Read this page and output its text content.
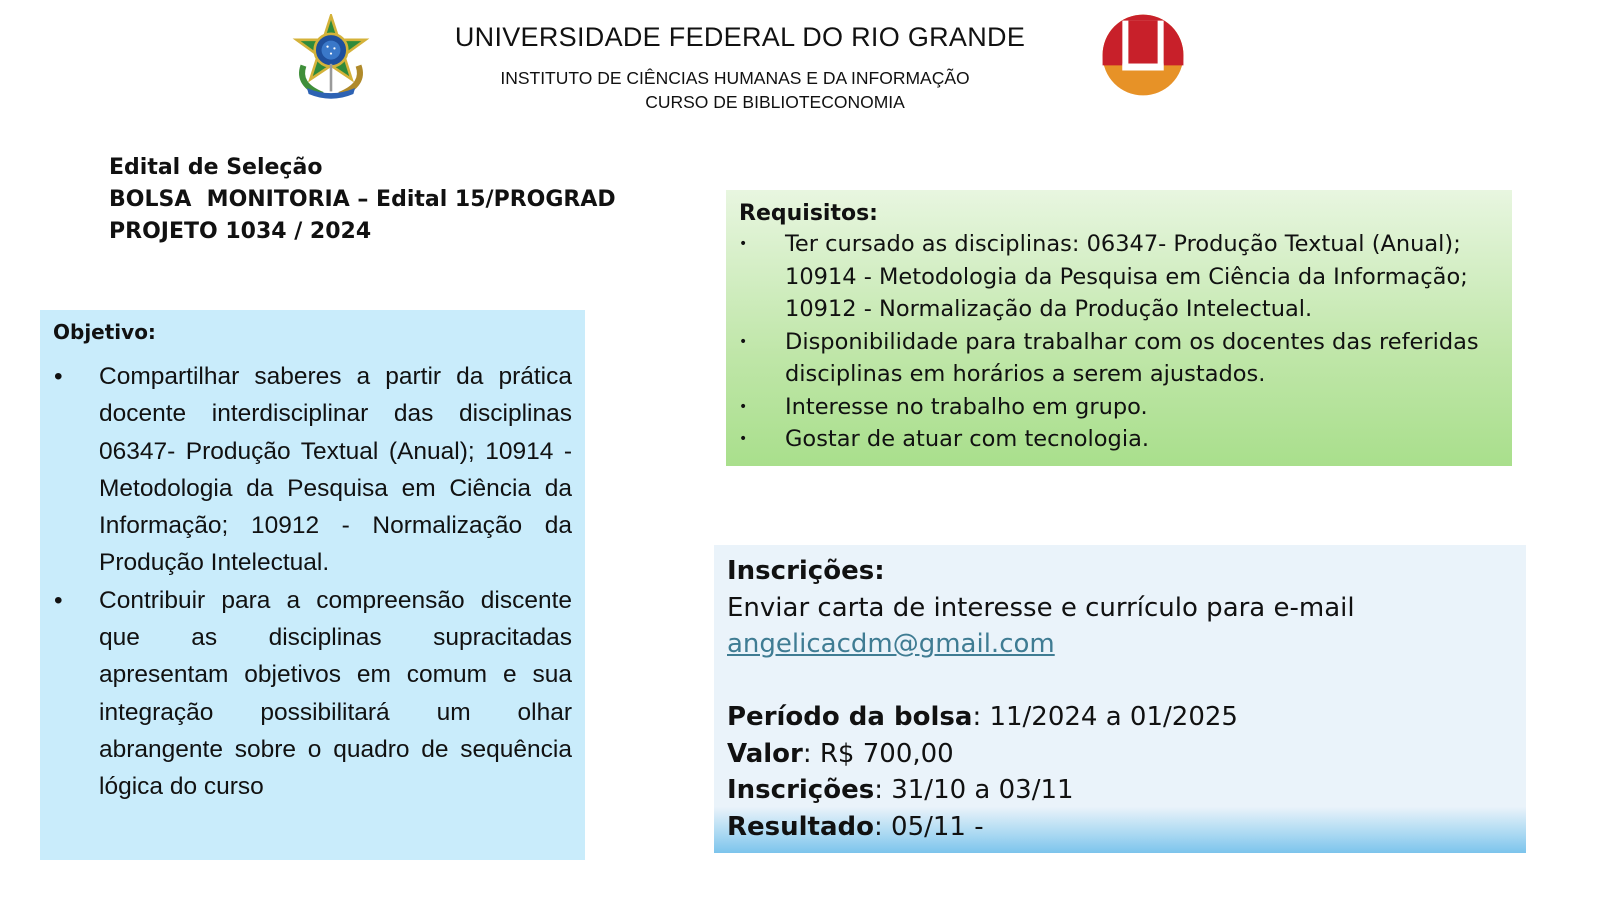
UNIVERSIDADE FEDERAL DO RIO GRANDE
INSTITUTO DE CIÊNCIAS HUMANAS E DA INFORMAÇÃO
CURSO DE BIBLIOTECONOMIA
Edital de Seleção
BOLSA  MONITORIA – Edital 15/PROGRAD
PROJETO 1034 / 2024
Objetivo:
• Compartilhar saberes a partir da prática docente interdisciplinar das disciplinas 06347- Produção Textual (Anual); 10914 - Metodologia da Pesquisa em Ciência da Informação; 10912 - Normalização da Produção Intelectual.
• Contribuir para a compreensão discente que as disciplinas supracitadas apresentam objetivos em comum e sua integração possibilitará um olhar abrangente sobre o quadro de sequência lógica do curso
Requisitos:
• Ter cursado as disciplinas: 06347- Produção Textual (Anual); 10914 - Metodologia da Pesquisa em Ciência da Informação; 10912 - Normalização da Produção Intelectual.
• Disponibilidade para trabalhar com os docentes das referidas disciplinas em horários a serem ajustados.
• Interesse no trabalho em grupo.
• Gostar de atuar com tecnologia.
Inscrições:
Enviar carta de interesse e currículo para e-mail
angelicacdm@gmail.com
Período da bolsa: 11/2024 a 01/2025
Valor: R$ 700,00
Inscrições: 31/10 a 03/11
Resultado: 05/11 -
